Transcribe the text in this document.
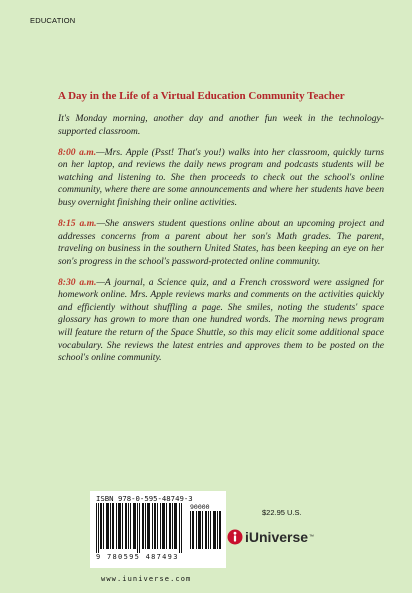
EDUCATION
A Day in the Life of a Virtual Education Community Teacher

It's Monday morning, another day and another fun week in the technology-supported classroom.

8:00 a.m.—Mrs. Apple (Psst! That's you!) walks into her classroom, quickly turns on her laptop, and reviews the daily news program and podcasts students will be watching and listening to. She then proceeds to check out the school's online community, where there are some announcements and where her students have been busy overnight finishing their online activities.

8:15 a.m.—She answers student questions online about an upcoming project and addresses concerns from a parent about her son's Math grades. The parent, traveling on business in the southern United States, has been keeping an eye on her son's progress in the school's password-protected online community.

8:30 a.m.—A journal, a Science quiz, and a French crossword were assigned for homework online. Mrs. Apple reviews marks and comments on the activities quickly and efficiently without shuffling a page. She smiles, noting the students' space glossary has grown to more than one hundred words. The morning news program will feature the return of the Space Shuttle, so this may elicit some additional space vocabulary. She reviews the latest entries and approves them to be posted on the school's online community.

ISBN 978-0-595-48749-3
90000
9 780595 487493
www.iuniverse.com
$22.95 U.S.
iUniverse ™
